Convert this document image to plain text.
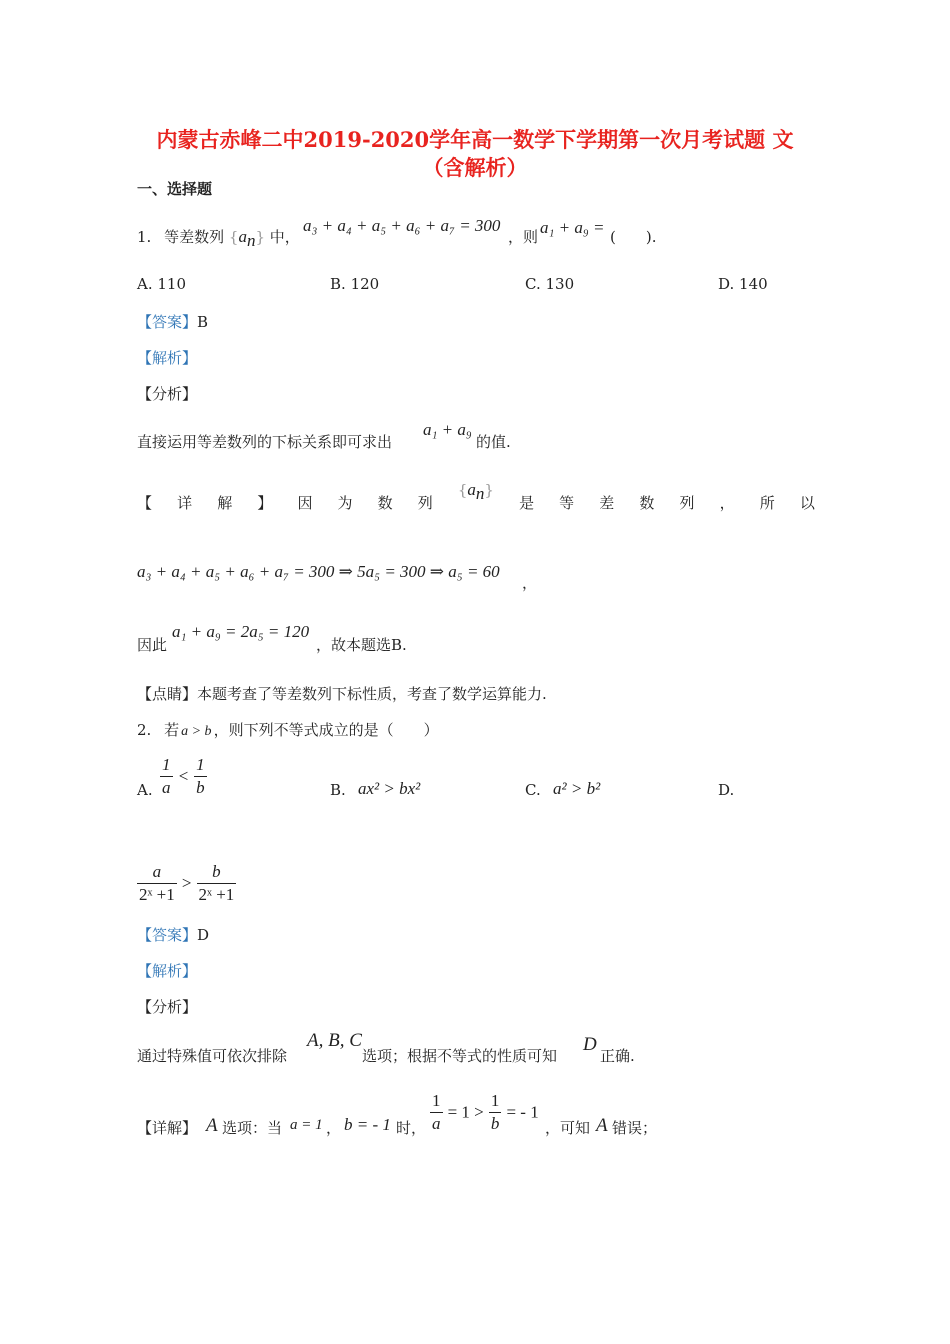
内蒙古赤峰二中2019-2020学年高一数学下学期第一次月考试题 文
（含解析）
一、选择题
1. 等差数列 $\{a_n\}$ 中，
a₃ + a₄ + a₅ + a₆ + a₇ = 300
，则 a₁ + a₉ = (　　).
A. 110	B. 120	C. 130	D. 140
【答案】B
【解析】
【分析】
直接运用等差数列的下标关系即可求出
a₁ + a₉
的值.
【 详 解 】 因 为 数 列
$\{a_n\}$
是 等 差 数 列 ， 所 以
a₃ + a₄ + a₅ + a₆ + a₇ = 300 ⇒ 5a₅ = 300 ⇒ a₅ = 60
，
因此
a₁ + a₉ = 2a₅ = 120
，故本题选B.
【点睛】本题考查了等差数列下标性质，考查了数学运算能力.
2. 若 a > b ，则下列不等式成立的是（　　）
A. $\frac{1}{a} < \frac{1}{b}$	B. ax² > bx²	C. a² > b²	D.
$\frac{a}{\text{2ˣ +1}} > \frac{b}{\text{2ˣ +1}}$
【答案】D
【解析】
【分析】
通过特殊值可依次排除
A, B, C
选项；根据不等式的性质可知
D
正确.
【详解】 A 选项：当 a = 1 ， b = - 1 时， $\frac{1}{a} = 1 > \frac{1}{b}$ = - 1
，可知 A 错误；
